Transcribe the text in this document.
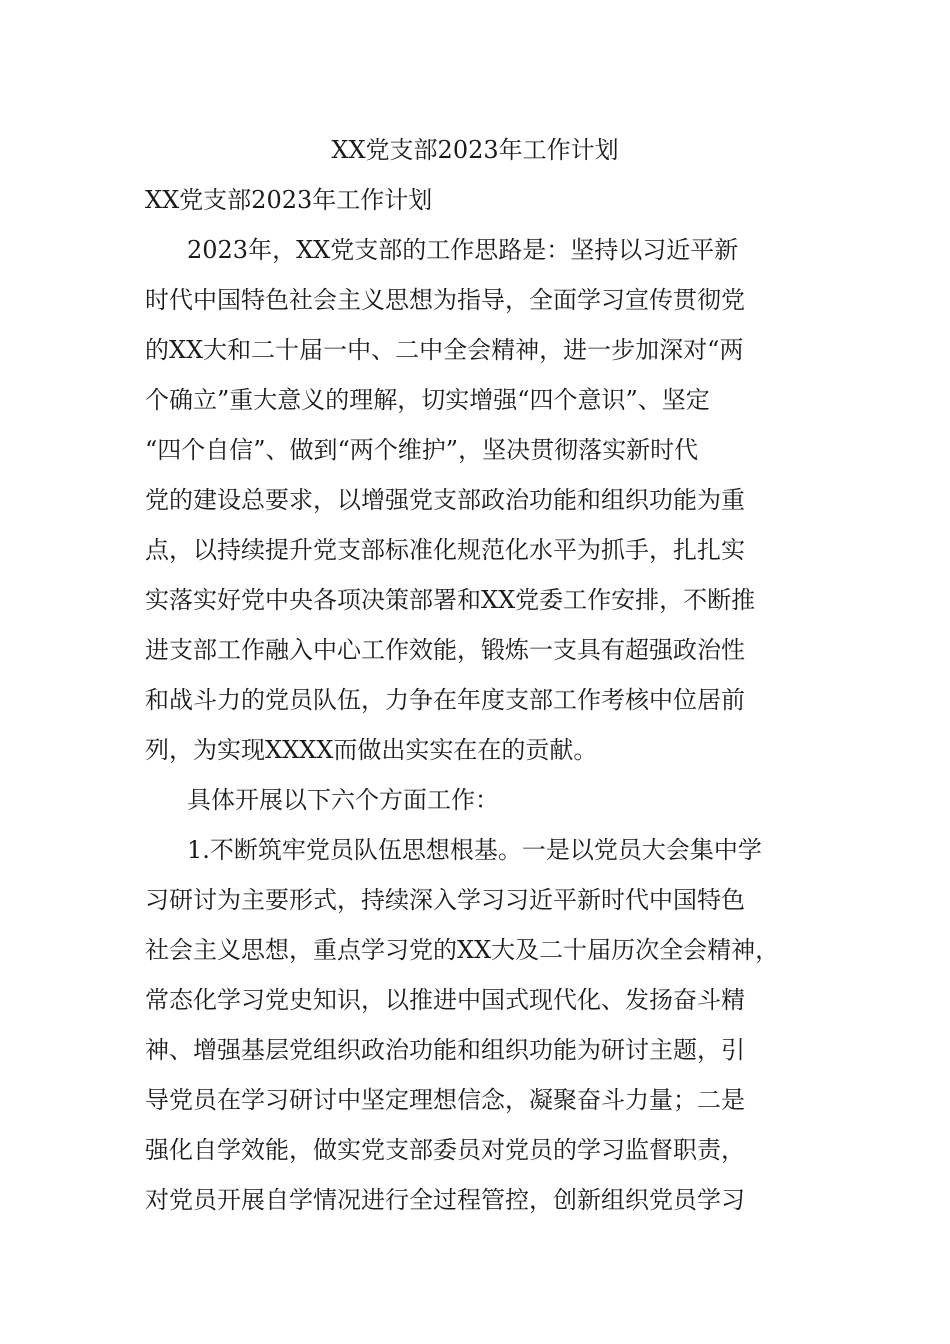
XX党支部2023年工作计划

XX党支部2023年工作计划

2023年，XX党支部的工作思路是：坚持以习近平新

时代中国特色社会主义思想为指导，全面学习宣传贯彻党

的XX大和二十届一中、二中全会精神，进一步加深对“两

个确立”重大意义的理解，切实增强“四个意识”、坚定

“四个自信”、做到“两个维护”，坚决贯彻落实新时代

党的建设总要求，以增强党支部政治功能和组织功能为重

点，以持续提升党支部标准化规范化水平为抓手，扎扎实

实落实好党中央各项决策部署和XX党委工作安排，不断推

进支部工作融入中心工作效能，锻炼一支具有超强政治性

和战斗力的党员队伍，力争在年度支部工作考核中位居前

列，为实现XXXX而做出实实在在的贡献。

具体开展以下六个方面工作：

1.不断筑牢党员队伍思想根基。一是以党员大会集中学

习研讨为主要形式，持续深入学习习近平新时代中国特色

社会主义思想，重点学习党的XX大及二十届历次全会精神，

常态化学习党史知识，以推进中国式现代化、发扬奋斗精

神、增强基层党组织政治功能和组织功能为研讨主题，引

导党员在学习研讨中坚定理想信念，凝聚奋斗力量；二是

强化自学效能，做实党支部委员对党员的学习监督职责，

对党员开展自学情况进行全过程管控，创新组织党员学习
